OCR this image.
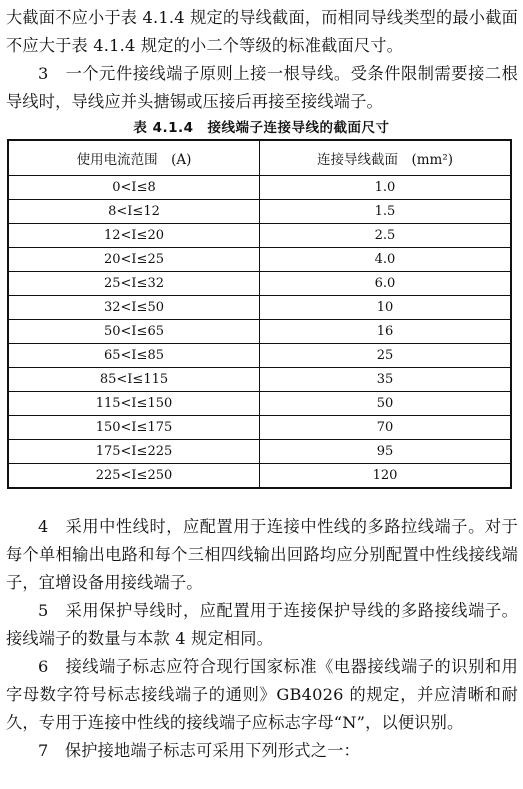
大截面不应小于表 4.1.4 规定的导线截面，而相同导线类型的最小截面不应大于表 4.1.4 规定的小二个等级的标准截面尺寸。

3　一个元件接线端子原则上接一根导线。受条件限制需要接二根导线时，导线应并头搪锡或压接后再接至接线端子。

表 4.1.4　接线端子连接导线的截面尺寸
使用电流范围　(A)	连接导线截面　(mm²)
0<I≤8	1.0
8<I≤12	1.5
12<I≤20	2.5
20<I≤25	4.0
25<I≤32	6.0
32<I≤50	10
50<I≤65	16
65<I≤85	25
85<I≤115	35
115<I≤150	50
150<I≤175	70
175<I≤225	95
225<I≤250	120

4　采用中性线时，应配置用于连接中性线的多路拉线端子。对于每个单相输出电路和每个三相四线输出回路均应分别配置中性线接线端子，宜增设备用接线端子。

5　采用保护导线时，应配置用于连接保护导线的多路接线端子。接线端子的数量与本款 4 规定相同。

6　接线端子标志应符合现行国家标准《电器接线端子的识别和用字母数字符号标志接线端子的通则》GB4026 的规定，并应清晰和耐久，专用于连接中性线的接线端子应标志字母“N”，以便识别。

7　保护接地端子标志可采用下列形式之一：
